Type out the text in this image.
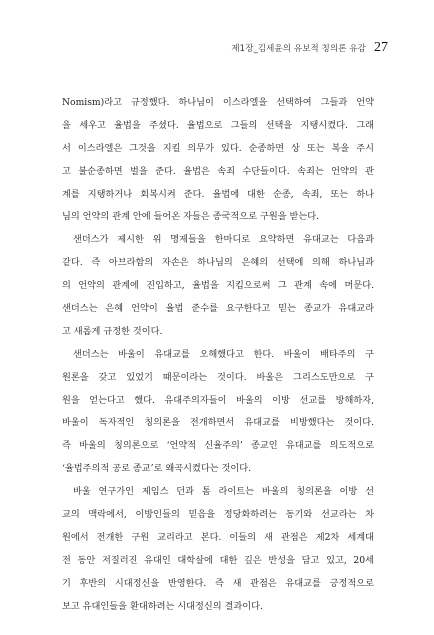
제1장_김세윤의 유보적 칭의론 유감 27
Nomism)라고 규정했다. 하나님이 이스라엘을 선택하여 그들과 언약
을 세우고 율법을 주셨다. 율법으로 그들의 선택을 지탱시켰다. 그래
서 이스라엘은 그것을 지킬 의무가 있다. 순종하면 상 또는 복을 주시
고 불순종하면 벌을 준다. 율법은 속죄 수단들이다. 속죄는 언약의 관
계를 지탱하거나 회복시켜 준다. 율법에 대한 순종, 속죄, 또는 하나
님의 언약의 관계 안에 들어온 자들은 종국적으로 구원을 받는다.
샌더스가 제시한 위 명제들을 한마디로 요약하면 유대교는 다음과
같다. 즉 아브라함의 자손은 하나님의 은혜의 선택에 의해 하나님과
의 언약의 관계에 진입하고, 율법을 지킴으로써 그 관계 속에 머문다.
샌더스는 은혜 언약이 율법 준수를 요구한다고 믿는 종교가 유대교라
고 새롭게 규정한 것이다.
샌더스는 바울이 유대교를 오해했다고 한다. 바울이 배타주의 구
원론을 갖고 있었기 때문이라는 것이다. 바울은 그리스도만으로 구
원을 얻는다고 했다. 유대주의자들이 바울의 이방 선교를 방해하자,
바울이 독자적인 칭의론을 전개하면서 유대교를 비방했다는 것이다.
즉 바울의 칭의론으로 ‘언약적 신율주의’ 종교인 유대교를 의도적으로
‘율법주의적 공로 종교’로 왜곡시켰다는 것이다.
바울 연구가인 제임스 던과 톰 라이트는 바울의 칭의론을 이방 선
교의 맥락에서, 이방인들의 믿음을 정당화하려는 동기와 선교라는 차
원에서 전개한 구원 교리라고 본다. 이들의 새 관점은 제2차 세계대
전 동안 저질러진 유대인 대학살에 대한 깊은 반성을 담고 있고, 20세
기 후반의 시대정신을 반영한다. 즉 새 관점은 유대교를 긍정적으로
보고 유대인들을 환대하려는 시대정신의 결과이다.
